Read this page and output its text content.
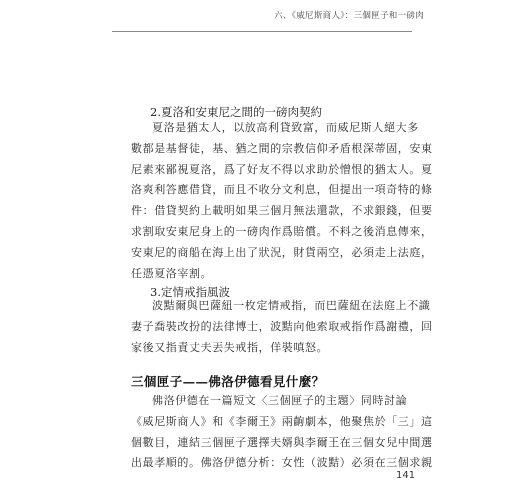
六、《威尼斯商人》：三個匣子和一磅肉
2.夏洛和安東尼之間的一磅肉契約
夏洛是猶太人，以放高利貸致富，而威尼斯人絕大多
數都是基督徒，基、猶之間的宗教信仰矛盾根深蒂固，安東
尼素來鄙視夏洛，爲了好友不得以求助於憎恨的猶太人。夏
洛爽利答應借貸，而且不收分文利息，但提出一項奇特的條
件：借貸契約上載明如果三個月無法還款，不求銀錢，但要
求割取安東尼身上的一磅肉作爲賠償。不料之後消息傳來，
安東尼的商船在海上出了狀況，財貨兩空，必須走上法庭，
任憑夏洛宰割。
3.定情戒指風波
波黠爾與巴薩紐一枚定情戒指，而巴薩紐在法庭上不識
妻子喬裝改扮的法律博士，波黠向他索取戒指作爲謝禮，回
家後又指責丈夫丟失戒指，佯裝嗔怒。
三個匣子——佛洛伊德看見什麼？
佛洛伊德在一篇短文〈三個匣子的主題〉同時討論
《威尼斯商人》和《李爾王》兩齣劇本，他聚焦於「三」這
個數目，連結三個匣子選擇夫婿與李爾王在三個女兒中間選
出最孝順的。佛洛伊德分析：女性（波黠）必須在三個求親
141
